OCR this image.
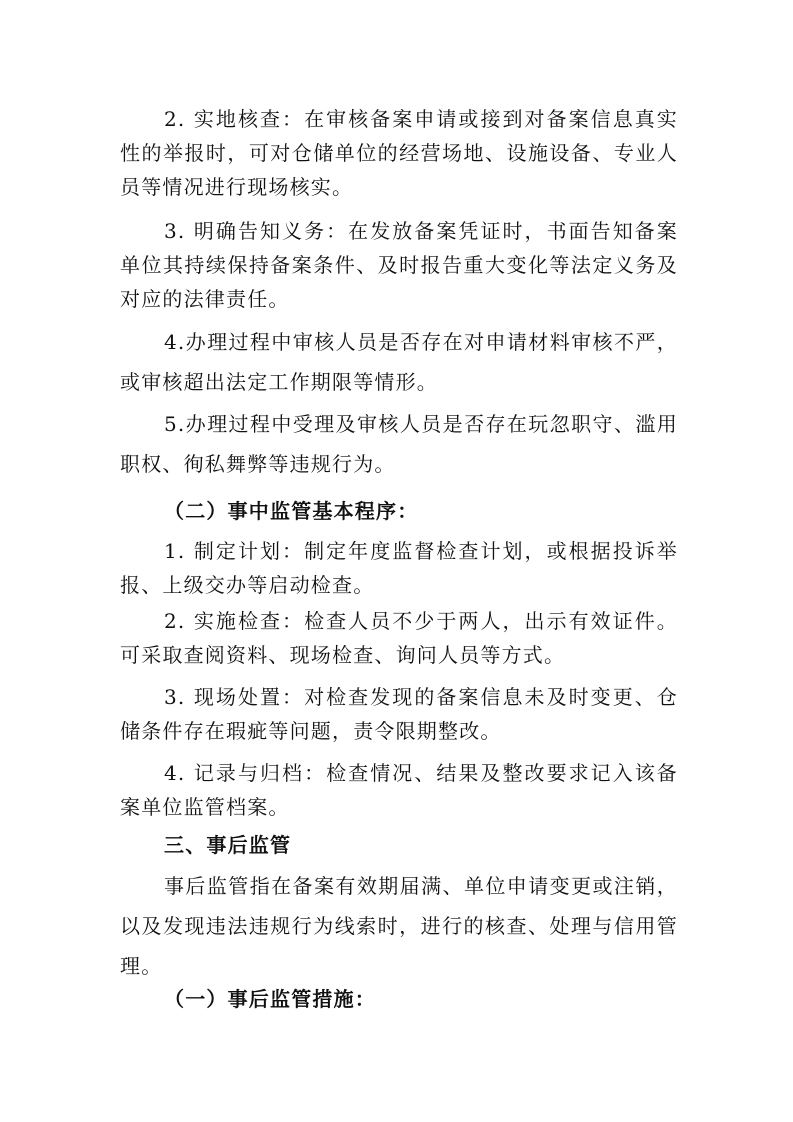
2. 实地核查：在审核备案申请或接到对备案信息真实性的举报时，可对仓储单位的经营场地、设施设备、专业人员等情况进行现场核实。

3. 明确告知义务：在发放备案凭证时，书面告知备案单位其持续保持备案条件、及时报告重大变化等法定义务及对应的法律责任。

4.办理过程中审核人员是否存在对申请材料审核不严，或审核超出法定工作期限等情形。

5.办理过程中受理及审核人员是否存在玩忽职守、滥用职权、徇私舞弊等违规行为。

（二）事中监管基本程序：

1. 制定计划：制定年度监督检查计划，或根据投诉举报、上级交办等启动检查。

2. 实施检查：检查人员不少于两人，出示有效证件。可采取查阅资料、现场检查、询问人员等方式。

3. 现场处置：对检查发现的备案信息未及时变更、仓储条件存在瑕疵等问题，责令限期整改。

4. 记录与归档：检查情况、结果及整改要求记入该备案单位监管档案。

三、事后监管

事后监管指在备案有效期届满、单位申请变更或注销，以及发现违法违规行为线索时，进行的核查、处理与信用管理。

（一）事后监管措施：
